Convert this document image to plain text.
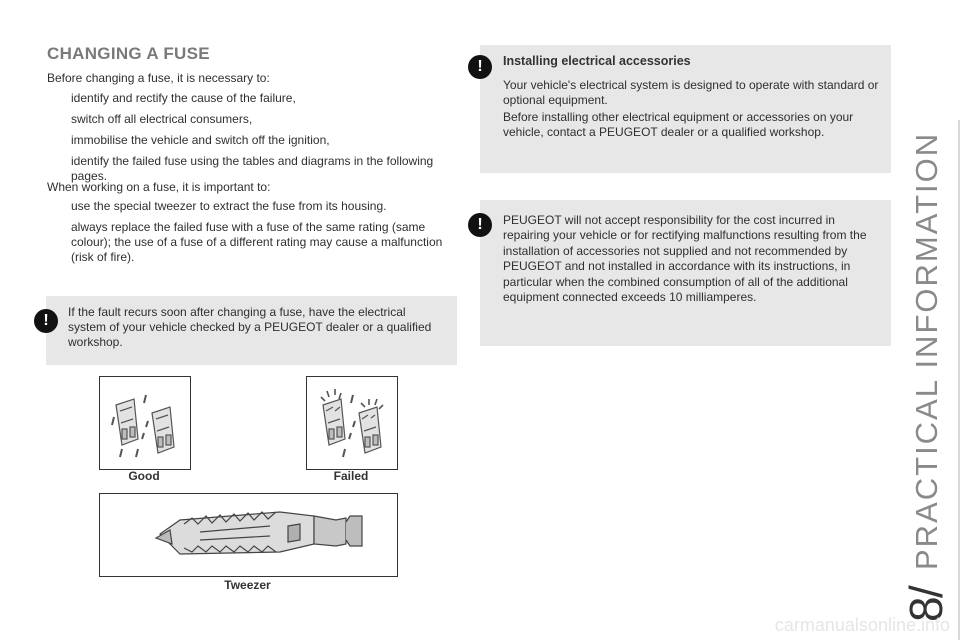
CHANGING A FUSE

Before changing a fuse, it is necessary to:

identify and rectify the cause of the failure,
switch off all electrical consumers,
immobilise the vehicle and switch off the ignition,
identify the failed fuse using the tables and diagrams in the following pages.

When working on a fuse, it is important to:

use the special tweezer to extract the fuse from its housing.
always replace the failed fuse with a fuse of the same rating (same colour); the use of a fuse of a different rating may cause a malfunction (risk of fire).
!	If the fault recurs soon after changing a fuse, have the electrical system of your vehicle checked by a PEUGEOT dealer or a qualified workshop.

Good	Failed
Tweezer
!	Installing electrical accessories

Your vehicle's electrical system is designed to operate with standard or optional equipment.

Before installing other electrical equipment or accessories on your vehicle, contact a PEUGEOT dealer or a qualified workshop.

!	PEUGEOT will not accept responsibility for the cost incurred in repairing your vehicle or for rectifying malfunctions resulting from the installation of accessories not supplied and not recommended by PEUGEOT and not installed in accordance with its instructions, in particular when the combined consumption of all of the additional equipment connected exceeds 10 milliamperes.

8
/
PRACTICAL INFORMATION
carmanualsonline.info
